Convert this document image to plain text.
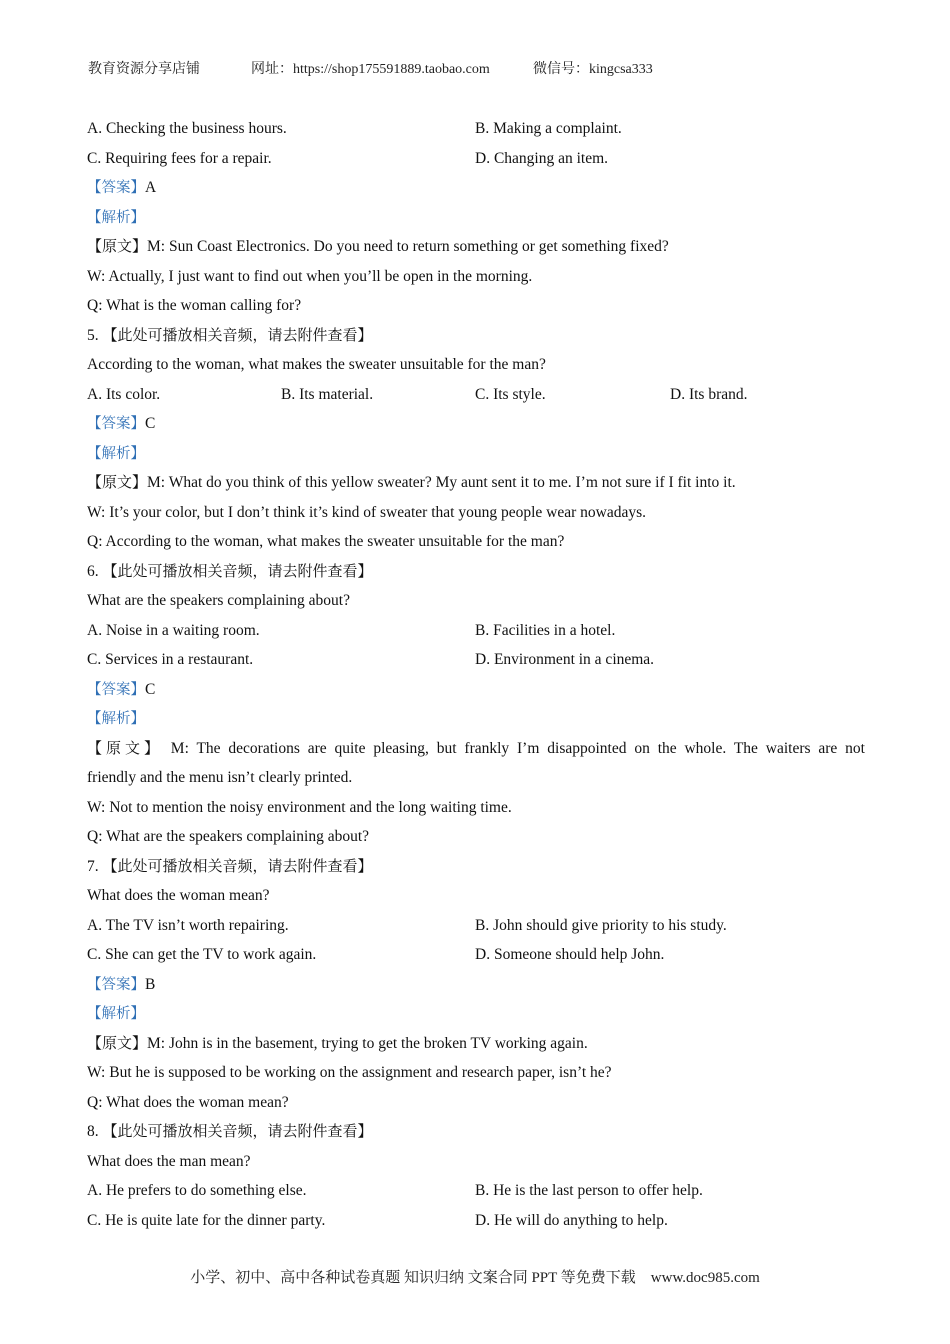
教育资源分享店铺	网址：https://shop175591889.taobao.com	微信号：kingcsa333
A. Checking the business hours.	B. Making a complaint.
C. Requiring fees for a repair.	D. Changing an item.
【答案】A
【解析】
【原文】M: Sun Coast Electronics. Do you need to return something or get something fixed?
W: Actually, I just want to find out when you’ll be open in the morning.
Q: What is the woman calling for?
5. 【此处可播放相关音频，请去附件查看】
According to the woman, what makes the sweater unsuitable for the man?
A. Its color.	B. Its material.	C. Its style.	D. Its brand.
【答案】C
【解析】
【原文】M: What do you think of this yellow sweater? My aunt sent it to me. I’m not sure if I fit into it.
W: It’s your color, but I don’t think it’s kind of sweater that young people wear nowadays.
Q: According to the woman, what makes the sweater unsuitable for the man?
6. 【此处可播放相关音频，请去附件查看】
What are the speakers complaining about?
A. Noise in a waiting room.	B. Facilities in a hotel.
C. Services in a restaurant.	D. Environment in a cinema.
【答案】C
【解析】
【原文】 M: The decorations are quite pleasing, but frankly I’m disappointed on the whole. The waiters are not
friendly and the menu isn’t clearly printed.
W: Not to mention the noisy environment and the long waiting time.
Q: What are the speakers complaining about?
7. 【此处可播放相关音频，请去附件查看】
What does the woman mean?
A. The TV isn’t worth repairing.	B. John should give priority to his study.
C. She can get the TV to work again.	D. Someone should help John.
【答案】B
【解析】
【原文】M: John is in the basement, trying to get the broken TV working again.
W: But he is supposed to be working on the assignment and research paper, isn’t he?
Q: What does the woman mean?
8. 【此处可播放相关音频，请去附件查看】
What does the man mean?
A. He prefers to do something else.	B. He is the last person to offer help.
C. He is quite late for the dinner party.	D. He will do anything to help.
小学、初中、高中各种试卷真题 知识归纳 文案合同 PPT 等免费下载　www.doc985.com
